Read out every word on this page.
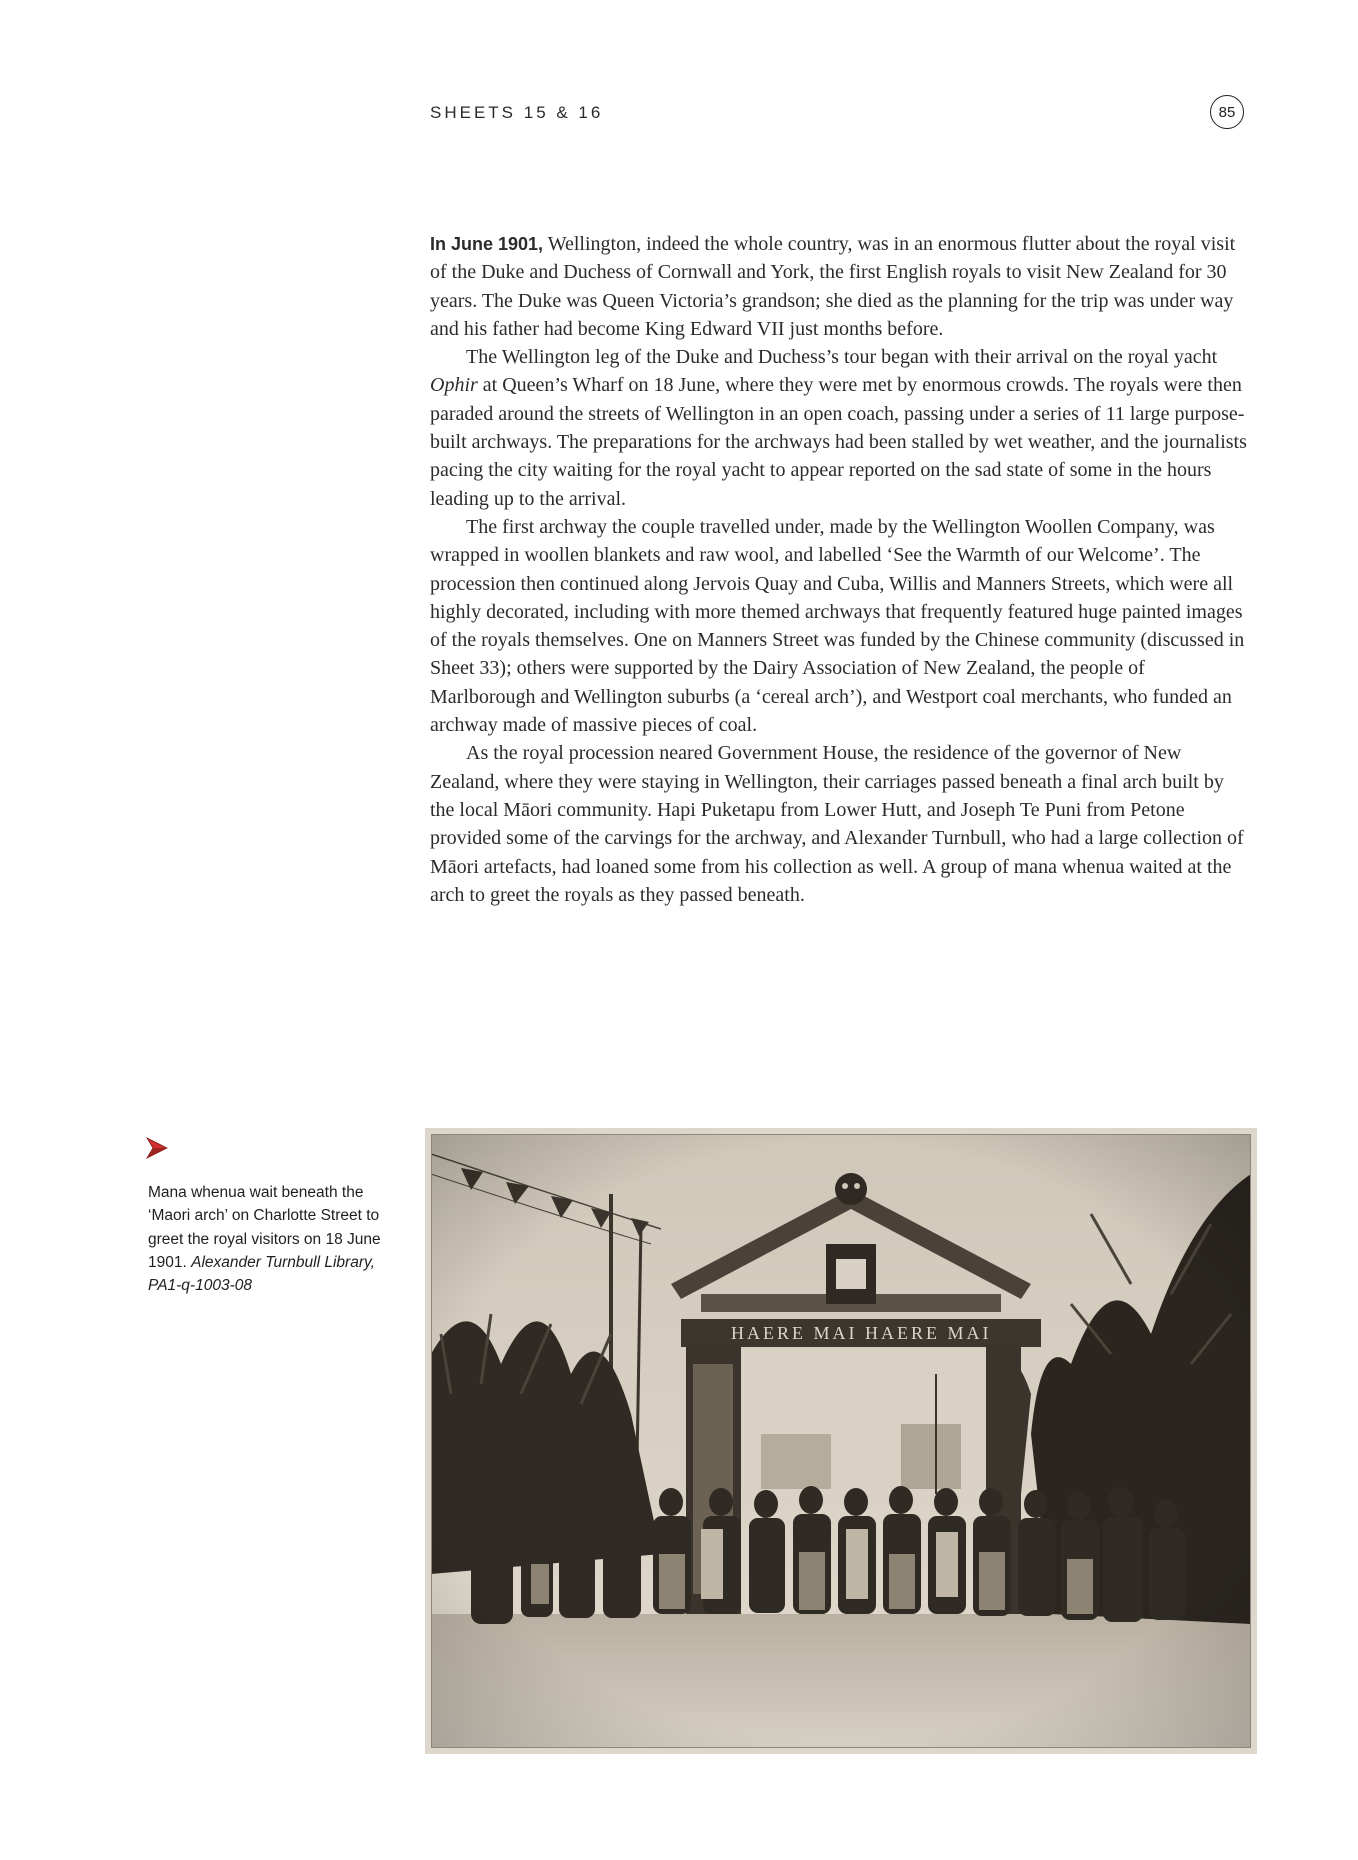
SHEETS 15 & 16	85

In June 1901, Wellington, indeed the whole country, was in an enormous flutter about the royal visit of the Duke and Duchess of Cornwall and York, the first English royals to visit New Zealand for 30 years. The Duke was Queen Victoria’s grandson; she died as the planning for the trip was under way and his father had become King Edward VII just months before.

The Wellington leg of the Duke and Duchess’s tour began with their arrival on the royal yacht Ophir at Queen’s Wharf on 18 June, where they were met by enormous crowds. The royals were then paraded around the streets of Wellington in an open coach, passing under a series of 11 large purpose-built archways. The preparations for the archways had been stalled by wet weather, and the journalists pacing the city waiting for the royal yacht to appear reported on the sad state of some in the hours leading up to the arrival.

The first archway the couple travelled under, made by the Wellington Woollen Company, was wrapped in woollen blankets and raw wool, and labelled ‘See the Warmth of our Welcome’. The procession then continued along Jervois Quay and Cuba, Willis and Manners Streets, which were all highly decorated, including with more themed archways that frequently featured huge painted images of the royals themselves. One on Manners Street was funded by the Chinese community (discussed in Sheet 33); others were supported by the Dairy Association of New Zealand, the people of Marlborough and Wellington suburbs (a ‘cereal arch’), and Westport coal merchants, who funded an archway made of massive pieces of coal.

As the royal procession neared Government House, the residence of the governor of New Zealand, where they were staying in Wellington, their carriages passed beneath a final arch built by the local Māori community. Hapi Puketapu from Lower Hutt, and Joseph Te Puni from Petone provided some of the carvings for the archway, and Alexander Turnbull, who had a large collection of Māori artefacts, had loaned some from his collection as well. A group of mana whenua waited at the arch to greet the royals as they passed beneath.

Mana whenua wait beneath the ‘Maori arch’ on Charlotte Street to greet the royal visitors on 18 June 1901. Alexander Turnbull Library, PA1-q-1003-08
